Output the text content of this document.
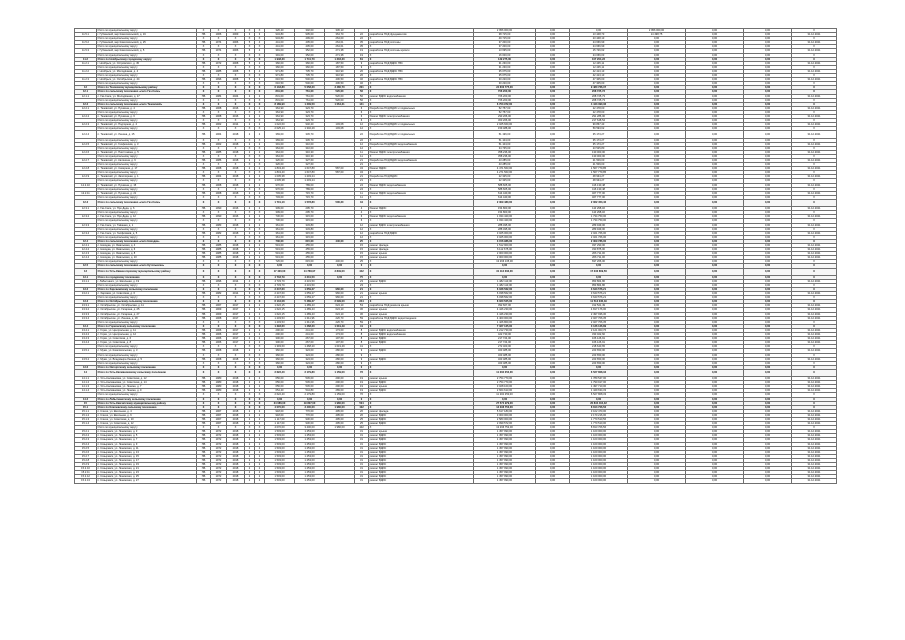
	Итого по муниципальному округу	Х	Х	Х	Х	Х	326,40	302,00	336,13			2 956 000,00	0,00	0,00	2 956 000,00	0,00	0,00	Х
11.5.1	г. Губкинский, мкр Комсомольский, д. 19	ПБ	1966	2009	3	3	943,80	905,00	364,70	22	разработка ПСД фундаментов	38 715,00	0,00	13 448,73	14 498,75	0,00	0,00	31.12.2021
	Итого по муниципальному округу	Х	Х	Х	Х	Х	943,80	499,00	264,00	22	Х	49 715,00	0,00	23 448,13	0,00	0,00	0,00	Х
11.5.2	г. Губкинский, мкр Комсомольский, д. 25	ПБ	1974	2006	5	4	441,00	405,00	264,01	35	разработка ПСД системы	37 200,00	0,00	24 666,99	0,00	0,00	0,00	31.12.2021
	Итого по муниципальному округу	Х	Х	Х	Х	Х	441,00	405,00	264,01	35	Х	37 200,00	0,00	24 666,99	0,00	0,00	0,00	Х
11.5.3	г. Губкинский, мкр Комсомольский, д. 5	ПБ	1974	2006	5	4	391,00	352,00	271,38	19	разработка ПСД системы кровли	13 695,00	0,00	15 726,62	0,00	0,00	0,00	31.12.2021
	Итого по муниципальному округу	Х	Х	Х	Х	Х	391,00	352,00	271,38	19	Х	16 000,00	0,00	24 066,03	0,00	0,00	0,00	Х
11.2	Итого по Ноябрьскому городскому округу	Х	Х	Х	Х	Х	1 948,30	1 741,70	1 203,30	81	Х	139 275,00	0,00	107 204,23	0,00	0,00	0,00	Х
11.2.1	г. Ноябрьск, ул. Островского, д. 45	ПБ	1972	2008	5	2	360,00	360,00	187,50	9	разработка ПСД ВДИС ГВС	31 230,00	0,00	12 445,11	0,00	0,00	0,00	31.12.2021
	Итого по муниципальному округу	Х	Х	Х	Х	Х	360,00	360,00	187,50	9	Х	31 230,00	0,00	12 445,11	0,00	0,00	0,00	Х
11.2.2	г. Ноябрьск, ул. Молодёжная, д. 4	ПБ	1985	2008	5	4	971,80	735,70	310,90	26	разработка ПСД ВДИС ГВС	35 075,00	0,00	42 413,13	0,00	0,00	0,00	31.12.2021
	Итого по муниципальному округу	Х	Х	Х	Х	Х	971,80	735,70	310,90	26	Х	35 075,00	0,00	42 413,13	0,00	0,00	0,00	Х
11.2.3	г. Ноябрьск, ул. Октябрьская, д. 44	ПБ	1996	2008	5	3	616,50	546,00	406,50	46	разработка ПСД ВДИС ГВС	30 220,00	0,00	47 305,00	0,00	0,00	0,00	31.12.2021
	Итого по муниципальному округу	Х	Х	Х	Х	Х	616,50	546,00	406,50	46	Х	30 220,00	0,00	47 305,00	0,00	0,00	0,00	Х
12	Итого по Тазовскому муниципальному району	Х	Х	Х	Х	Х	6 133,80	5 058,20	3 480,70	201	Х	24 600 775,00	0,00	9 480 766,37	0,00	0,00	0,00	Х
12.1	Итого по сельскому поселению «село Газ-Сале»	Х	Х	Х	Х	Х	831,00	761,00	520,00	56	Х	706 200,00	0,00	208 725,73	0,00	0,00	0,00	Х
12.1.1	с. Газ-Сале, ул. Молодёжная, д. 17	ПБ	1984	2024	2	2	831,00	761,00	520,00	56	ремонт ВДИС водоснабжения	706 200,00	0,00	208 725,73	0,00	0,00	0,00	31.12.2021
	Итого по муниципальному округу	Х	Х	Х	Х	Х	831,00	761,00	520,00	56	Х	706 200,00	0,00	208 725,73	0,00	0,00	0,00	Х
12.2	Итого по сельскому поселению «село Тазовский»	Х	Х	Х	Х	Х	8 189,90	1 209,50	1 064,31	141	Х	6 703 972,00	0,00	4 443 390,36	0,00	0,00	0,00	Х
12.2.1	п. Тазовский, ул. Пушкина, д. 4	ПБ	1968	2016	2	2	364,90	323,70		6	Разработка ПСД ВДИС и подвальных	52 757,00	0,00	22 478,00	0,00	0,00	0,00	31.12.2021
	Итого по муниципальному округу	Х	Х	Х	Х	Х	364,90	323,70		6	Х	52 757,00	0,00	22 478,00	0,00	0,00	0,00	Х
12.2.2	п. Тазовский, ул. Пушкина, д. 6	ПБ	1968	2016	2	2	364,90	323,70		6	Ремонт ВДИС электроснабжения	293 266,00	0,00	291 286,00	0,00	0,00	0,00	31.12.2021
	Итого по муниципальному округу	Х	Х	Х	Х	Х	364,90	323,70		6	Х	303 266,00	0,00	217 648,54	0,00	0,00	0,00	Х
12.2.3	п. Тазовский, ул. Подгорная, д. 4	ПБ	1962	2014	2	2	1 022,60	940,20	103,08	12	Разработка ПСД ВДИС и подвальных	2 025 660,00	0,00	99 867,43	0,00	0,00	0,00	31.12.2021
	Итого по муниципальному округу	Х	Х	Х	Х	Х	2 025,14	1 302,29	103,08	12	Х	159 488,00	0,00	59 593,62	0,00	0,00	0,00	Х
12.2.4	п. Тазовский, ул. Ленина, д. 15	ПБ	1964	2018	2	2	369,00	345,70		22	Разработка ПСД ВДИС и подвальных	51 196,00	0,00	35 173,27	0,00	0,00	0,00	31.12.2021
	Итого по муниципальному округу	Х	Х	Х	Х	Х	369,00	345,70		22	Х	51 104,00	0,00	35 173,27	0,00	0,00	0,00	Х
12.2.5	п. Тазовский, ул. Геофизиков, д. 3	ПБ	1962	2018	2	2	391,00	310,00		12	Разработка ПСД ВДИС водоснабжения	51 104,00	0,00	35 173,27	0,00	0,00	0,00	31.12.2021
	Итого по муниципальному округу	Х	Х	Х	Х	Х	364,00	310,00		12	Х	34 735,00	0,00	23 525,80	0,00	0,00	0,00	Х
12.2.6	п. Тазовский, ул. Пиеттомина, д. 5	ПБ	1985	2018	2	2	364,00	316,30		11	Ремонт ВДИС электроснабжения	358 236,00	0,00	130 000,00	0,00	0,00	0,00	31.12.2021
	Итого по муниципальному округу	Х	Х	Х	Х	Х	364,00	316,30		11	Х	358 236,00	0,00	130 000,00	0,00	0,00	0,00	Х
12.2.7	п. Тазовский, ул. Калинина, д. 9	ПБ	1986	2018	2	2	326,00	327,60		21	Разработка ПСД ВДИС водоснабжения	43 285,00	0,00	21 509,00	0,00	0,00	0,00	31.12.2021
	Итого по муниципальному округу	Х	Х	Х	Х	Х	326,00	327,60		21	Х	43 285,00	0,00	21 509,00	0,00	0,00	0,00	Х
12.2.8	п. Тазовский, ул. Северная, д. 17	ПБ	1968	2018	2	2	1 843,40	1 647,80	587,00	34	Ремонт ВДИС	4 471 563,00	0,00	1 567 779,85	0,00	0,00	0,00	31.12.2021
	Итого по муниципальному округу	Х	Х	Х	Х	Х	1 843,40	1 647,80	587,00	34	Х	4 271 563,00	0,00	1 567 779,85	0,00	0,00	0,00	Х
12.2.9	п. Тазовский, ул. Заполярная, д. 1	ПБ	1964	2018	2	2	1 005,38	1 203,24		21	Разработка ПСД ВДИС	22 325,00	0,00	48 934,27	0,00	0,00	0,00	31.12.2021
	Итого по муниципальному округу	Х	Х	Х	Х	Х	1 005,38	1 203,24		21	Х	22 325,00	0,00	48 934,27	0,00	0,00	0,00	Х
12.2.10	п. Тазовский, ул. Пушкина, д. 15	ПБ	1968	2018	2	2	970,00	789,00		24	Ремонт ВДИС водоснабжения	588 605,00	0,00	416 130,48	0,00	0,00	0,00	31.12.2021
	Итого по муниципальному округу	Х	Х	Х	Х	Х	970,00	789,00		24	Х	588 605,00	0,00	416 130,48	0,00	0,00	0,00	Х
12.2.11	п. Тазовский, ул. Пушкина, д. 21	ПБ	1968	2018	2	2	703,00	715,70		11	Ремонт ВДИС водоснабжения	614 440,00	0,00	467 777,00	0,00	0,00	0,00	31.12.2021
	Итого по муниципальному округу	Х	Х	Х	Х	Х	703,00	715,70		11	Х	614 440,00	0,00	467 777,00	0,00	0,00	0,00	Х
12.3	Итого по сельскому поселению «село Газ-Сале»	Х	Х	Х	Х	Х	1 701,10	1 578,80	506,20	34	Х	2 309 480,00	0,00	2 062 453,46	0,00	0,00	0,00	Х
12.3.1	с. Газ-Сале, ул. Про Деда, д. 6	ПБ	1990	2016	2	2	309,00	295,70		4	Ремонт ВДИС	154 800,00	0,00	110 298,46	0,00	0,00	0,00	31.12.2021
	Итого по муниципальному округу	Х	Х	Х	Х	Х	309,00	295,70		4	Х	154 800,00	0,00	110 298,46	0,00	0,00	0,00	Х
12.3.2	с. Газ-Сале, ул. Про Деда, д. 12	ПБ	1990	2016	2	2	730,00	315,00		6	Ремонт ВДИС водоснабжения	1 934 420,00	0,00	1 734 750,00	0,00	0,00	0,00	31.12.2021
	Итого по муниципальному округу	Х	Х	Х	Х	Х	730,00	315,00		6	Х	1 934 420,00	0,00	1 734 750,00	0,00	0,00	0,00	Х
12.3.3	с. Газ-Сале, ул. Таёжная, д. 1	ПБ	1983	2018	2	2	361,00	333,80		12	ремонт ВДИС электроснабжения	288 495,00	0,00	289 949,00	0,00	0,00	0,00	31.12.2021
	Итого по муниципальному округу	Х	Х	Х	Х	Х	361,00	333,80		12	Х	288 495,00	0,00	289 949,00	0,00	0,00	0,00	Х
12.3.4	с. Газ-Сале, ул. Геофизиков, д. 5	ПБ	1982	2018	2	2	361,00	315,00		12	разработка ПСД ВДИС	3 025 000,00	0,00	2 021 766,00	0,00	0,00	0,00	31.12.2021
	Итого по муниципальному округу	Х	Х	Х	Х	Х	361,00	315,00		12	Х	3 025 000,00	0,00	2 021 766,00	0,00	0,00	0,00	Х
12.4	Итого по сельскому поселению «село Находка»	Х	Х	Х	Х	Х	736,00	615,00	446,00	25	Х	3 156 986,00	0,00	2 309 786,00	0,00	0,00	0,00	Х
12.4.1	с. Находка, ул. Ямальская, д. 4	ПБ	1985	2018	2	2	519,00	455,00		15	ремонт фасада	1 512 900,00	0,00	497 290,00	0,00	0,00	0,00	31.12.2021
12.4.2	с. Находка, ул. Ямальская, д. 6	ПБ	1985	2018	2	2	519,00	455,00		15	ремонт фасада	6 112 675,00	0,00	330 875,00	0,00	0,00	0,00	31.12.2021
12.4.3	с. Находка, ул. Ямальская, д. 8	ПБ	1985	2018	2	2	519,00	455,00		15	ремонт крыши	2 000 000,00	0,00	266 711,00	0,00	0,00	0,00	31.12.2021
12.4.4	с. Находка, ул. Ямальская, д. 10	ПБ	1985	2018	2	2	519,00	455,00		15	ремонт крыши	2 000 000,00	0,00	266 711,00	0,00	0,00	0,00	31.12.2021
	Итого по муниципальному округу	Х	Х	Х	Х	Х	726,00	615,00	446,00	25	Х	13 266 135,00	0,00	697 266,00	0,00	0,00	0,00	Х
12.5	Итого по сельскому поселению «село Кутопьюган»	Х	Х	Х	Х	Х	0,00	0,00	0,00	0	Х	0,00	0,00	0,00	0,00	0,00	0,00	Х
13	Итого по Усть-Каменогорскому муниципальному району	Х	Х	Х	Х	Х	17 400,00	14 768,97	3 849,00	442	Х	31 112 303,00	0,00	17 232 809,56	0,00	0,00	0,00	Х
13.1	Итого по городскому поселению	Х	Х	Х	Х	Х	4 733,79	4 231,50	0,00	75	Х	0,00	0,00	0,00	0,00	0,00	0,00	Х
13.1.1	г. Лабытнанги, ул. Школьная, д. 19	ПБ	1996	2014	4	4	4 733,79	4 231,50		23	ремонт ВДИС	1 482 113,00	0,00	953 804,86	0,00	0,00	0,00	31.12.2021
	Итого по муниципальному округу	Х	Х	Х	Х	Х	4 733,79	4 231,50		23	Х	1 482 113,00	0,00	953 804,86	0,00	0,00	0,00	Х
13.2	Итого по Харсаимскому сельскому поселению	Х	Х	Х	Х	Х	2 247,60	1 659,27	966,00	21	Х	6 038 562,00	0,00	3 643 576,21	0,00	0,00	0,00	Х
13.2.1	с. Харсаим, ул. Советская, д. 6	ПБ	1982	2014	3	3	2 247,60	1 659,27	966,00	21	ремонт крыши	6 038 562,00	0,00	3 643 576,21	0,00	0,00	0,00	31.12.2021
	Итого по муниципальному округу	Х	Х	Х	Х	Х	2 247,60	1 659,27	966,00	21	Х	6 038 562,00	0,00	3 643 576,21	0,00	0,00	0,00	Х
13.3	Итого по Октябрьскому сельскому поселению	Х	Х	Х	Х	Х	6 134,08	5 489,27	2 099,00	244	Х	8 020 525,00	0,00	11 513 236,49	0,00	0,00	0,00	Х
13.3.1	с. Октябрьское, ул. Октябрьская, д. 11	ПБ	1967	2017	2	2	1 622,15	1 489,43	624,10	53	разработка ПСД ремонта крыши	392 607,00	0,00	312 521,49	0,00	0,00	0,00	31.12.2021
13.3.2	с. Октябрьское, ул. Гагарина, д. 25	ПБ	1969	2017	2	2	1 622,15	1 489,43	624,10	36	ремонт крыши	4 446 230,00	0,00	4 817 176,00	0,00	0,00	0,00	31.12.2021
13.3.3	с. Октябрьское, ул. Гагарина, д. 27	ПБ	1969	2017	2	2	1 622,15	1 489,43	624,10	36	ремонт крыши	4 446 230,00	0,00	2 497 936,30	0,00	0,00	0,00	31.12.2021
13.3.4	с. Октябрьское, ул. Ленина, д. 18	ПБ	1968	2017	2	2	1 203,53	1 011,96	226,70	59	разработка ПСД ВДИС водоотведения	4 400 000,00	0,00	2 027 706,35	0,00	0,00	0,00	31.12.2021
	Итого по муниципальному округу	Х	Х	Х	Х	Х	1 203,53	1 011,96	226,70	59	Х	1 426 800,00	0,00	2 027 706,35	0,00	0,00	0,00	Х
13.4	Итого по Горкинскому сельскому поселению	Х	Х	Х	Х	Х	1 393,60	1 468,20	1 019,49	41	Х	7 327 125,00	0,00	3 136 126,89	0,00	0,00	0,00	Х
13.4.1	с. Горки, ул. Центральная, д. 11	ПБ	1966	2017	2	2	290,00	241,00	173,00	8	ремонт ВДИС водоснабжения	4 212 730,00	0,00	2 121 003,76	0,00	0,00	0,00	31.12.2021
13.4.2	с. Горки, ул. Центральная, д. 12	ПБ	1966	2017	2	2	290,00	241,00	173,00	8	ремонт ВДИС водоснабжения	422 730,00	0,00	333 022,60	0,00	0,00	0,00	31.12.2021
13.4.3	с. Горки, ул. Советская, д. 6	ПБ	1966	2017	2	2	300,00	267,00	197,60	8	ремонт ВДИС	217 724,00	0,00	166 126,91	0,00	0,00	0,00	31.12.2021
13.4.4	с. Горки, ул. Советская, д. 8	ПБ	1966	2017	2	2	300,00	267,00	197,60	8	ремонт ВДИС	217 724,00	0,00	166 126,91	0,00	0,00	0,00	31.12.2021
	Итого по муниципальному округу	Х	Х	Х	Х	Х	1 393,60	1 468,20	1 019,49	41	Х	272 400,00	0,00	218 640,65	0,00	0,00	0,00	Х
13.5.1	с. Мужи, ул. Комсомольская, д. 3	ПБ	1968	2018	2	2	360,00	324,00	280,00	9	ремонт ВДИС	323 485,00	0,00	223 650,00	0,00	0,00	0,00	31.12.2021
	Итого по муниципальному округу	Х	Х	Х	Х	Х	360,00	324,00	280,00	9	Х	323 485,00	0,00	223 650,00	0,00	0,00	0,00	Х
13.5.2	с. Мужи, ул. Владимира Ленина, д. 5	ПБ	1968	2018	2	2	360,00	324,00	280,00	9	ремонт ВДИС	323 485,00	0,00	223 650,00	0,00	0,00	0,00	31.12.2021
	Итого по муниципальному округу	Х	Х	Х	Х	Х	360,00	324,00	280,00	9	Х	323 485,00	0,00	223 650,00	0,00	0,00	0,00	Х
13.6	Итого по Овгортскому сельскому поселению	Х	Х	Х	Х	Х	0,00	0,00	0,00	0	Х	0,00	0,00	0,00	0,00	0,00	0,00	Х
14	Итого по Усть-Калмановскому сельскому поселению	Х	Х	Х	Х	Х	2 622,40	2 179,80	1 159,00	76	Х	11 202 253,00	0,00	6 527 808,33	0,00	0,00	0,00	Х
14.1.1	с. Усть-Калмановка, ул. Советская, д. 12	ПБ	1980	2018	2	2	656,00	545,00	290,00	19	ремонт крыши	2 754 770,00	0,00	1 789 547,00	0,00	0,00	0,00	31.12.2021
14.1.2	с. Усть-Калмановка, ул. Советская, д. 14	ПБ	1980	2018	2	2	656,00	545,00	290,00	19	ремонт ВДИС	2 754 770,00	0,00	1 790 917,00	0,00	0,00	0,00	31.12.2021
14.1.3	с. Усть-Калмановка, ул. Ленина, д. 7	ПБ	1980	2018	2	2	656,00	545,00	290,00	19	ремонт крыши	3 028 100,00	0,00	1 497 710,00	0,00	0,00	0,00	31.12.2021
14.1.4	с. Усть-Калмановка, ул. Ленина, д. 9	ПБ	1980	2018	2	2	654,40	544,80	289,00	19	ремонт ВДИС	2 664 613,00	0,00	1 449 634,33	0,00	0,00	0,00	31.12.2021
	Итого по муниципальному округу	Х	Х	Х	Х	Х	2 622,40	2 179,80	1 159,00	76	Х	11 202 253,00	0,00	6 527 808,33	0,00	0,00	0,00	Х
14.2	Итого по Лабытнангскому сельскому поселению	Х	Х	Х	Х	Х	0,00	0,00	0,00	0	Х	0,00	0,00	0,00	0,00	0,00	0,00	Х
15	Итого по Усть-Камчатскому муниципальному району	Х	Х	Х	Х	Х	24 086,00	19 807,00	1 980,00	504	Х	27 574 979,00	0,00	20 834 404,32	0,00	0,00	0,00	Х
15.1	Итого по Ключевскому сельскому поселению	Х	Х	Х	Х	Х	4 070,00	3 400,00	1 980,00	102	Х	13 296 752,00	0,00	8 813 706,56	0,00	0,00	0,00	Х
15.1.1	п. Ключи, ул. Школьная, д. 4	ПБ	1967	2018	2	2	918,00	770,00	495,00	26	ремонт фасада	5 617 180,00	0,00	3 102 470,00	0,00	0,00	0,00	31.12.2021
15.1.2	п. Ключи, ул. Школьная, д. 6	ПБ	1967	2018	2	2	918,00	770,00	495,00	26	ремонт ВДИС	3 000 000,00	0,00	2 170 216,00	0,00	0,00	0,00	31.12.2021
15.1.3	п. Ключи, ул. Советская, д. 10	ПБ	1967	2018	2	2	1 117,00	930,00	495,00	25	ремонт ВДИС	2 580 000,00	0,00	1 770 510,56	0,00	0,00	0,00	31.12.2021
15.1.4	п. Ключи, ул. Советская, д. 12	ПБ	1967	2018	2	2	1 117,00	930,00	495,00	25	ремонт ВДИС	2 099 572,00	0,00	1 770 510,00	0,00	0,00	0,00	31.12.2021
	Итого по муниципальному округу	Х	Х	Х	Х	Х	4 070,00	3 400,00	1 980,00	102	Х	13 296 752,00	0,00	8 813 706,56	0,00	0,00	0,00	Х
15.2.1	п. Козыревск, ул. Ленинская, д. 3	ПБ	1972	2018	2	2	1 503,00	1 253,00		31	ремонт крыши	1 457 990,00	0,00	1 100 000,00	0,00	0,00	0,00	31.12.2021
15.2.2	п. Козыревск, ул. Ленинская, д. 5	ПБ	1972	2018	2	2	1 503,00	1 253,00		31	ремонт ВДИС	1 457 990,00	0,00	1 100 000,00	0,00	0,00	0,00	31.12.2021
15.2.3	п. Козыревск, ул. Ленинская, д. 7	ПБ	1972	2018	2	2	1 503,00	1 253,00		31	ремонт ВДИС	1 457 990,00	0,00	1 100 000,00	0,00	0,00	0,00	31.12.2021
15.2.4	п. Козыревск, ул. Ленинская, д. 9	ПБ	1972	2018	2	2	1 503,00	1 253,00		31	ремонт ВДИС	1 457 990,00	0,00	1 100 000,00	0,00	0,00	0,00	31.12.2021
15.2.5	п. Козыревск, ул. Ленинская, д. 11	ПБ	1972	2018	2	2	1 503,00	1 253,00		31	ремонт ВДИС	1 457 990,00	0,00	1 100 000,00	0,00	0,00	0,00	31.12.2021
15.2.6	п. Козыревск, ул. Ленинская, д. 13	ПБ	1972	2018	2	2	1 503,00	1 253,00		31	ремонт ВДИС	1 457 990,00	0,00	1 100 000,00	0,00	0,00	0,00	31.12.2021
15.2.7	п. Козыревск, ул. Ленинская, д. 15	ПБ	1972	2018	2	2	1 503,00	1 253,00		31	ремонт ВДИС	1 457 990,00	0,00	1 100 000,00	0,00	0,00	0,00	31.12.2021
15.2.8	п. Козыревск, ул. Ленинская, д. 17	ПБ	1972	2018	2	2	1 503,00	1 253,00		31	ремонт ВДИС	1 457 990,00	0,00	1 100 000,00	0,00	0,00	0,00	31.12.2021
15.2.9	п. Козыревск, ул. Ленинская, д. 19	ПБ	1972	2018	2	2	1 503,00	1 253,00		31	ремонт ВДИС	1 457 990,00	0,00	1 100 000,00	0,00	0,00	0,00	31.12.2021
15.2.10	п. Козыревск, ул. Ленинская, д. 21	ПБ	1972	2018	2	2	1 503,00	1 253,00		31	ремонт ВДИС	1 457 990,00	0,00	1 100 000,00	0,00	0,00	0,00	31.12.2021
15.2.11	п. Козыревск, ул. Ленинская, д. 23	ПБ	1972	2018	2	2	1 503,00	1 253,00		31	ремонт ВДИС	1 457 990,00	0,00	1 100 000,00	0,00	0,00	0,00	31.12.2021
15.2.12	п. Козыревск, ул. Ленинская, д. 25	ПБ	1972	2018	2	2	1 503,00	1 253,00		31	ремонт ВДИС	1 457 990,00	0,00	1 100 000,00	0,00	0,00	0,00	31.12.2021
15.2.13	п. Козыревск, ул. Ленинская, д. 27	ПБ	1972	2018	2	2	1 503,00	1 253,00		31	ремонт ВДИС	1 457 990,00	0,00	1 100 000,00	0,00	0,00	0,00	31.12.2021
